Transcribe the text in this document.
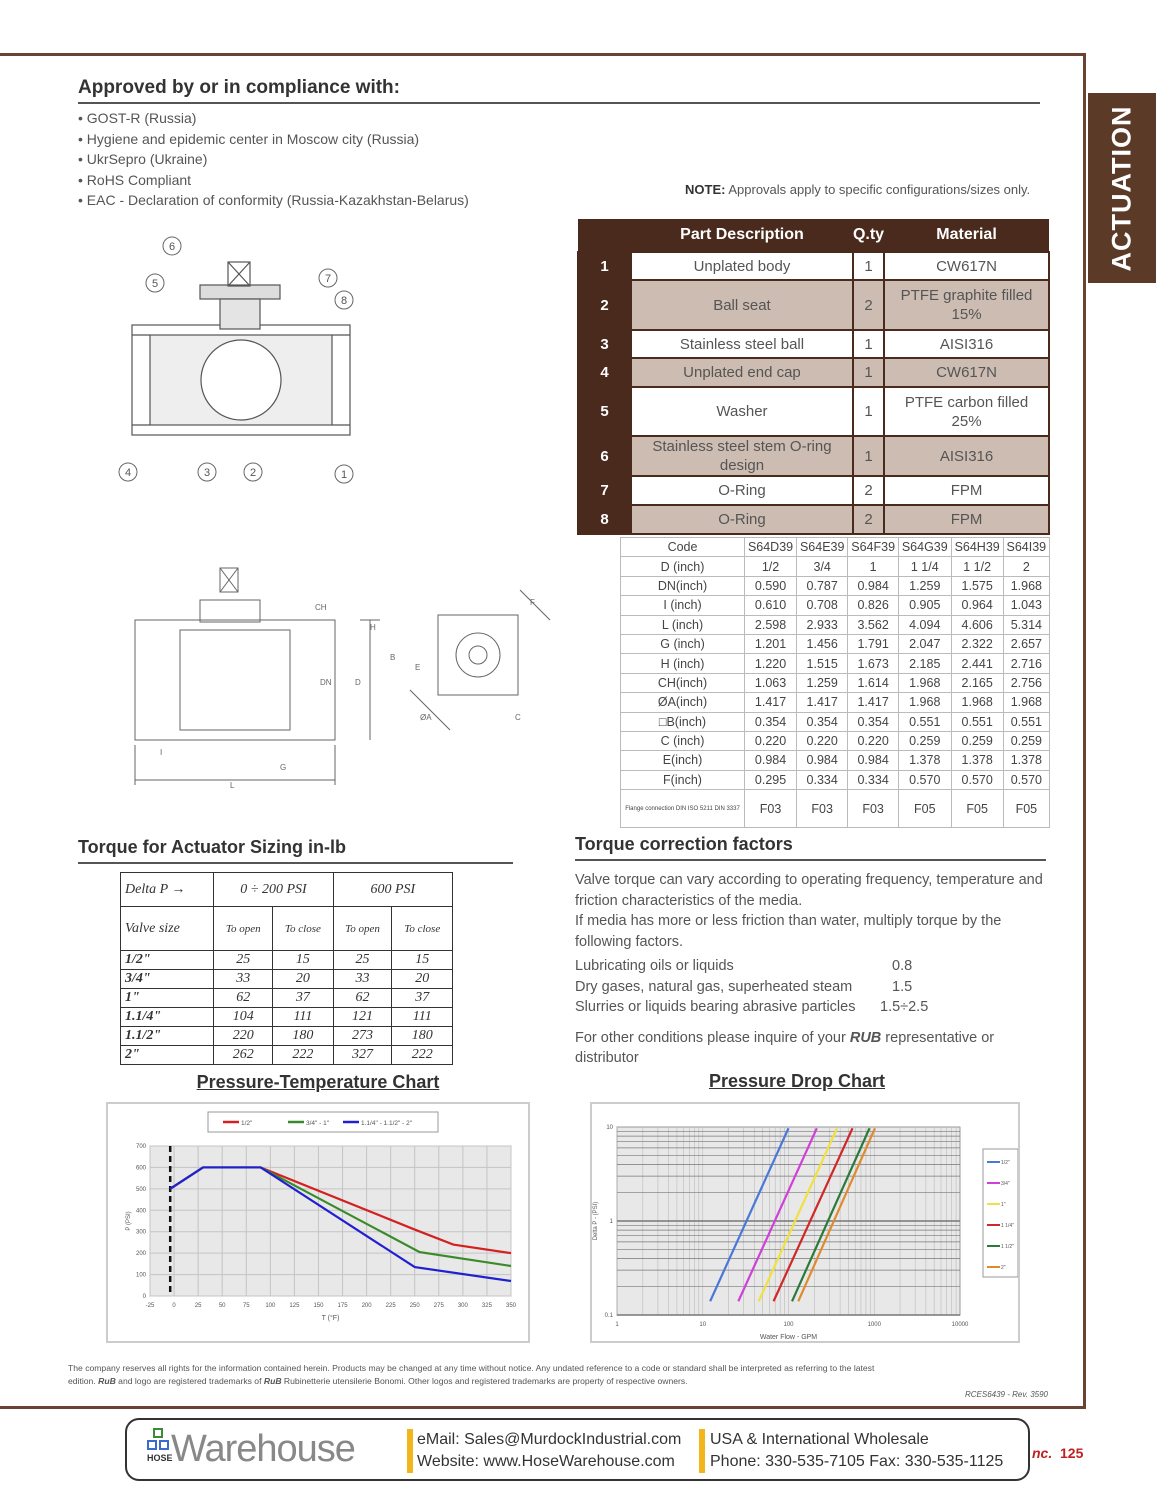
ACTUATION
Approved by or in compliance with:
• GOST-R (Russia)
• Hygiene and epidemic center in Moscow city (Russia)
• UkrSepro (Ukraine)
• RoHS Compliant
• EAC - Declaration of conformity (Russia-Kazakhstan-Belarus)
NOTE: Approvals apply to specific configurations/sizes only.
	Part Description	Q.ty	Material
1	Unplated body	1	CW617N
2	Ball seat	2	PTFE graphite filled 15%
3	Stainless steel ball	1	AISI316
4	Unplated end cap	1	CW617N
5	Washer	1	PTFE carbon filled 25%
6	Stainless steel stem O-ring design	1	AISI316
7	O-Ring	2	FPM
8	O-Ring	2	FPM
1
2
3
4
5
6
7
8
CH
H
DN	D
I
L
G
E
F
ØA
B
C
Code	S64D39	S64E39	S64F39	S64G39	S64H39	S64I39
D (inch)	1/2	3/4	1	1 1/4	1 1/2	2
DN(inch)	0.590	0.787	0.984	1.259	1.575	1.968
I (inch)	0.610	0.708	0.826	0.905	0.964	1.043
L (inch)	2.598	2.933	3.562	4.094	4.606	5.314
G (inch)	1.201	1.456	1.791	2.047	2.322	2.657
H (inch)	1.220	1.515	1.673	2.185	2.441	2.716
CH(inch)	1.063	1.259	1.614	1.968	2.165	2.756
ØA(inch)	1.417	1.417	1.417	1.968	1.968	1.968
□B(inch)	0.354	0.354	0.354	0.551	0.551	0.551
C (inch)	0.220	0.220	0.220	0.259	0.259	0.259
E(inch)	0.984	0.984	0.984	1.378	1.378	1.378
F(inch)	0.295	0.334	0.334	0.570	0.570	0.570
Flange connection DIN ISO 5211 DIN 3337	F03	F03	F03	F05	F05	F05
Torque for Actuator Sizing in-lb
Delta P →	0 ÷ 200 PSI		600 PSI	
Valve size	To open	To close	To open	To close
1/2"	25	15	25	15
3/4"	33	20	33	20
1"	62	37	62	37
1.1/4"	104	111	121	111
1.1/2"	220	180	273	180
2"	262	222	327	222
Torque correction factors
Valve torque can vary according to operating frequency, temperature and friction characteristics of the media.
If media has more or less friction than water, multiply torque by the following factors.
Lubricating oils or liquids	0.8
Dry gases, natural gas, superheated steam	1.5
Slurries or liquids bearing abrasive particles	1.5÷2.5
For other conditions please inquire of your RUB representative or distributor
Pressure-Temperature Chart
-25	0	25	50	75	100 125 150 175 200 225 250 275 300 325 350
0
100
200
300
400
500
600
700
T (°F)
P (PSI)
1/2"	3/4" - 1"	1.1/4" - 1.1/2" - 2"
Pressure Drop Chart
1	10	100	1000	10000
0.1
1
10
Water Flow - GPM
Delta P - (PSI)
1/2"
3/4"
1"
1 1/4"
1 1/2"
2"
The company reserves all rights for the information contained herein. Products may be changed at any time without notice. Any undated reference to a code or standard shall be interpreted as referring to the latest
edition. RuB and logo are registered trademarks of RuB Rubinetterie utensilerie Bonomi. Other logos and registered trademarks are property of respective owners.
RCES6439 - Rev. 3590
HOSE
Warehouse	eMail: Sales@MurdockIndustrial.com
Website: www.HoseWarehouse.com
USA & International Wholesale
Phone: 330-535-7105 Fax: 330-535-1125 nc. 125
